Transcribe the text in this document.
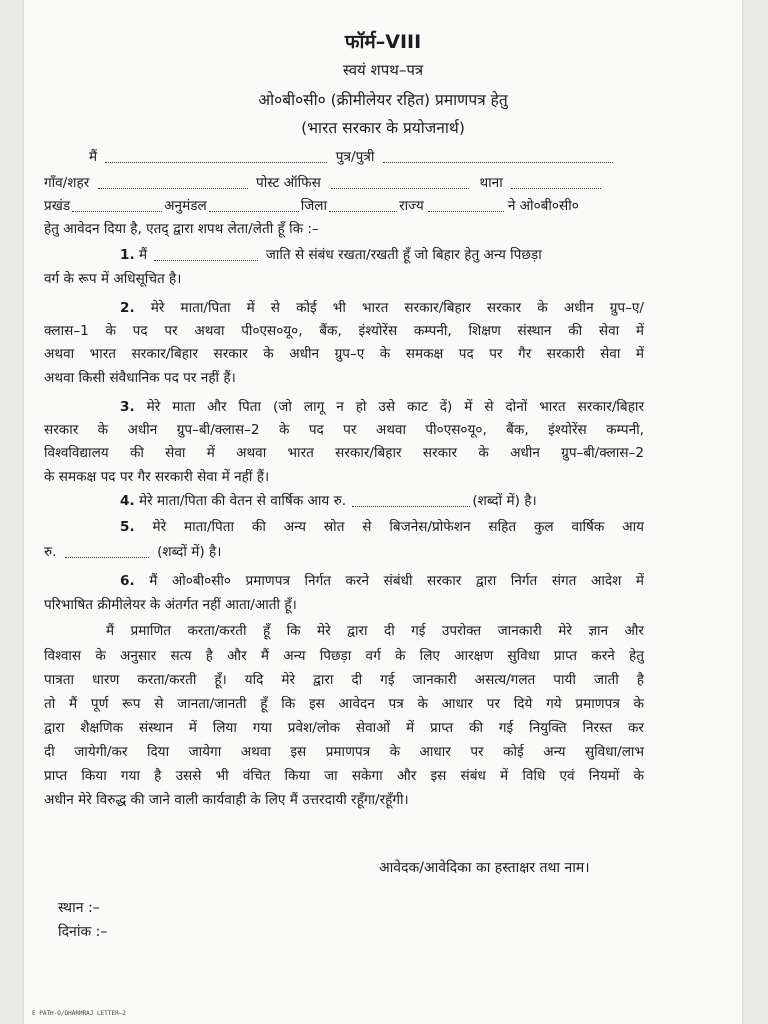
फॉर्म–VIII
स्वयं शपथ–पत्र
ओ०बी०सी० (क्रीमीलेयर रहित) प्रमाणपत्र हेतु
(भारत सरकार के प्रयोजनार्थ)
मैं	पुत्र/पुत्री
गाँव/शहर	पोस्ट ऑफिस	थाना
प्रखंड	अनुमंडल	जिला	राज्य	ने ओ०बी०सी०
हेतु आवेदन दिया है, एतद् द्वारा शपथ लेता/लेती हूँ कि :–
1. मैं	जाति से संबंध रखता/रखती हूँ जो बिहार हेतु अन्य पिछड़ा
वर्ग के रूप में अधिसूचित है।
2. मेरे माता/पिता में से कोई भी भारत सरकार/बिहार सरकार के अधीन ग्रुप–ए/
क्लास–1 के पद पर अथवा पी०एस०यू०, बैंक, इंश्योरेंस कम्पनी, शिक्षण संस्थान की सेवा में
अथवा भारत सरकार/बिहार सरकार के अधीन ग्रुप–ए के समकक्ष पद पर गैर सरकारी सेवा में
अथवा किसी संवैधानिक पद पर नहीं हैं।
3. मेरे माता और पिता (जो लागू न हो उसे काट दें) में से दोनों भारत सरकार/बिहार
सरकार के अधीन ग्रुप–बी/क्लास–2 के पद पर अथवा पी०एस०यू०, बैंक, इंश्योरेंस कम्पनी,
विश्वविद्यालय की सेवा में अथवा भारत सरकार/बिहार सरकार के अधीन ग्रुप–बी/क्लास–2
के समकक्ष पद पर गैर सरकारी सेवा में नहीं हैं।
4. मेरे माता/पिता की वेतन से वार्षिक आय रु.	(शब्दों में) है।
5. मेरे माता/पिता की अन्य स्रोत से बिजनेस/प्रोफेशन सहित कुल वार्षिक आय
रु.	(शब्दों में) है।
6. मैं ओ०बी०सी० प्रमाणपत्र निर्गत करने संबंधी सरकार द्वारा निर्गत संगत आदेश में
परिभाषित क्रीमीलेयर के अंतर्गत नहीं आता/आती हूँ।
मैं प्रमाणित करता/करती हूँ कि मेरे द्वारा दी गई उपरोक्त जानकारी मेरे ज्ञान और
विश्वास के अनुसार सत्य है और मैं अन्य पिछड़ा वर्ग के लिए आरक्षण सुविधा प्राप्त करने हेतु
पात्रता धारण करता/करती हूँ। यदि मेरे द्वारा दी गई जानकारी असत्य/गलत पायी जाती है
तो मैं पूर्ण रूप से जानता/जानती हूँ कि इस आवेदन पत्र के आधार पर दिये गये प्रमाणपत्र के
द्वारा शैक्षणिक संस्थान में लिया गया प्रवेश/लोक सेवाओं में प्राप्त की गई नियुक्ति निरस्त कर
दी जायेगी/कर दिया जायेगा अथवा इस प्रमाणपत्र के आधार पर कोई अन्य सुविधा/लाभ
प्राप्त किया गया है उससे भी वंचित किया जा सकेगा और इस संबंध में विधि एवं नियमों के
अधीन मेरे विरुद्ध की जाने वाली कार्यवाही के लिए मैं उत्तरदायी रहूँगा/रहूँगी।
आवेदक/आवेदिका का हस्ताक्षर तथा नाम।
स्थान :–
दिनांक :–
E PATH-O/DHARMRAJ LETTER–2
